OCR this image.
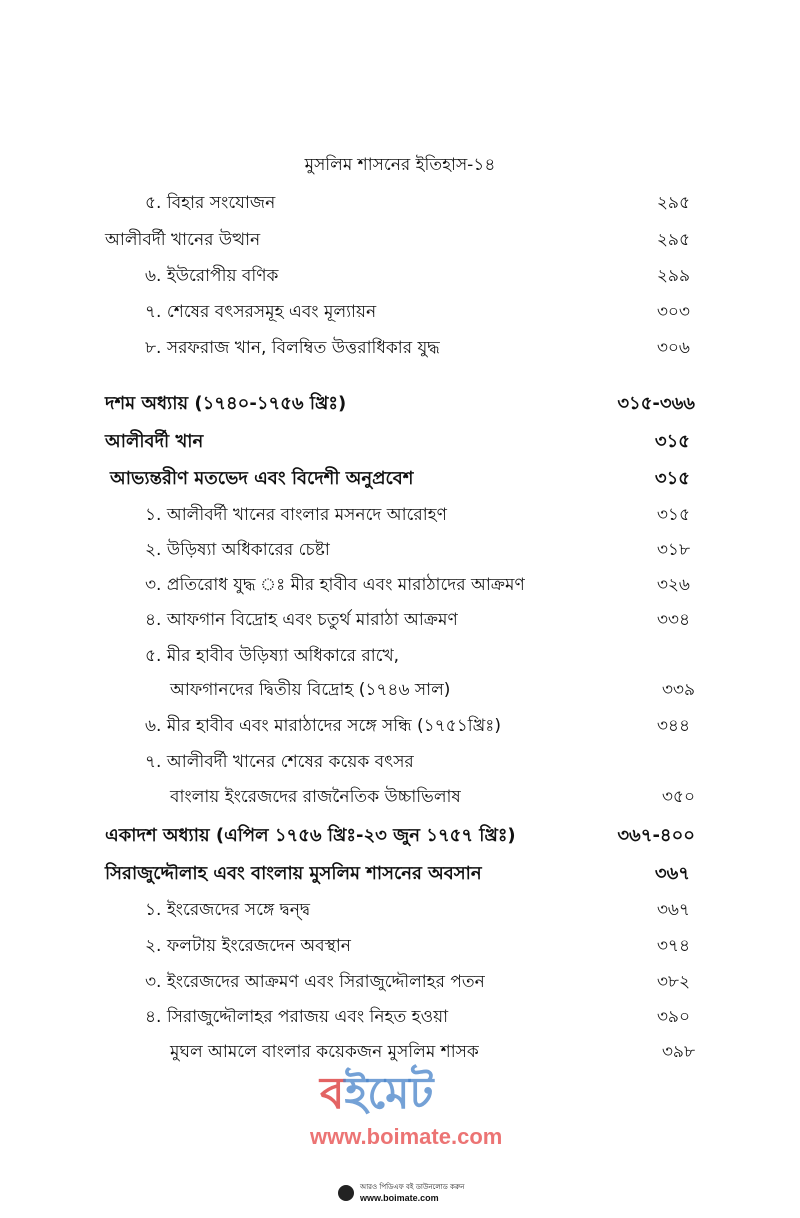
মুসলিম শাসনের ইতিহাস-১৪
৫. বিহার সংযোজন	২৯৫
আলীবর্দী খানের উত্থান	২৯৫
৬. ইউরোপীয় বণিক	২৯৯
৭. শেষের বৎসরসমূহ এবং মূল্যায়ন	৩০৩
৮. সরফরাজ খান, বিলম্বিত উত্তরাধিকার যুদ্ধ	৩০৬
দশম অধ্যায় (১৭৪০-১৭৫৬ খ্রিঃ)	৩১৫-৩৬৬
আলীবর্দী খান	৩১৫
আভ্যন্তরীণ মতভেদ এবং বিদেশী অনুপ্রবেশ	৩১৫
১. আলীবর্দী খানের বাংলার মসনদে আরোহণ	৩১৫
২. উড়িষ্যা অধিকারের চেষ্টা	৩১৮
৩. প্রতিরোধ যুদ্ধ ঃ মীর হাবীব এবং মারাঠাদের আক্রমণ	৩২৬
৪. আফগান বিদ্রোহ এবং চতুর্থ মারাঠা আক্রমণ	৩৩৪
৫. মীর হাবীব উড়িষ্যা অধিকারে রাখে,
আফগানদের দ্বিতীয় বিদ্রোহ (১৭৪৬ সাল)	৩৩৯
৬. মীর হাবীব এবং মারাঠাদের সঙ্গে সন্ধি (১৭৫১খ্রিঃ)	৩৪৪
৭. আলীবর্দী খানের শেষের কয়েক বৎসর
বাংলায় ইংরেজদের রাজনৈতিক উচ্চাভিলাষ	৩৫০
একাদশ অধ্যায় (এপিল ১৭৫৬ খ্রিঃ-২৩ জুন ১৭৫৭ খ্রিঃ)	৩৬৭-৪০০
সিরাজুদ্দৌলাহ এবং বাংলায় মুসলিম শাসনের অবসান	৩৬৭
১. ইংরেজদের সঙ্গে দ্বন্দ্ব	৩৬৭
২. ফলটায় ইংরেজদেন অবস্থান	৩৭৪
৩. ইংরেজদের আক্রমণ এবং সিরাজুদ্দৌলাহর পতন	৩৮২
৪. সিরাজুদ্দৌলাহর পরাজয় এবং নিহত হওয়া	৩৯০
মুঘল আমলে বাংলার কয়েকজন মুসলিম শাসক	৩৯৮
বইমেট
www.boimate.com
আরও পিডিএফ বই ডাউনলোড করুন
www.boimate.com
